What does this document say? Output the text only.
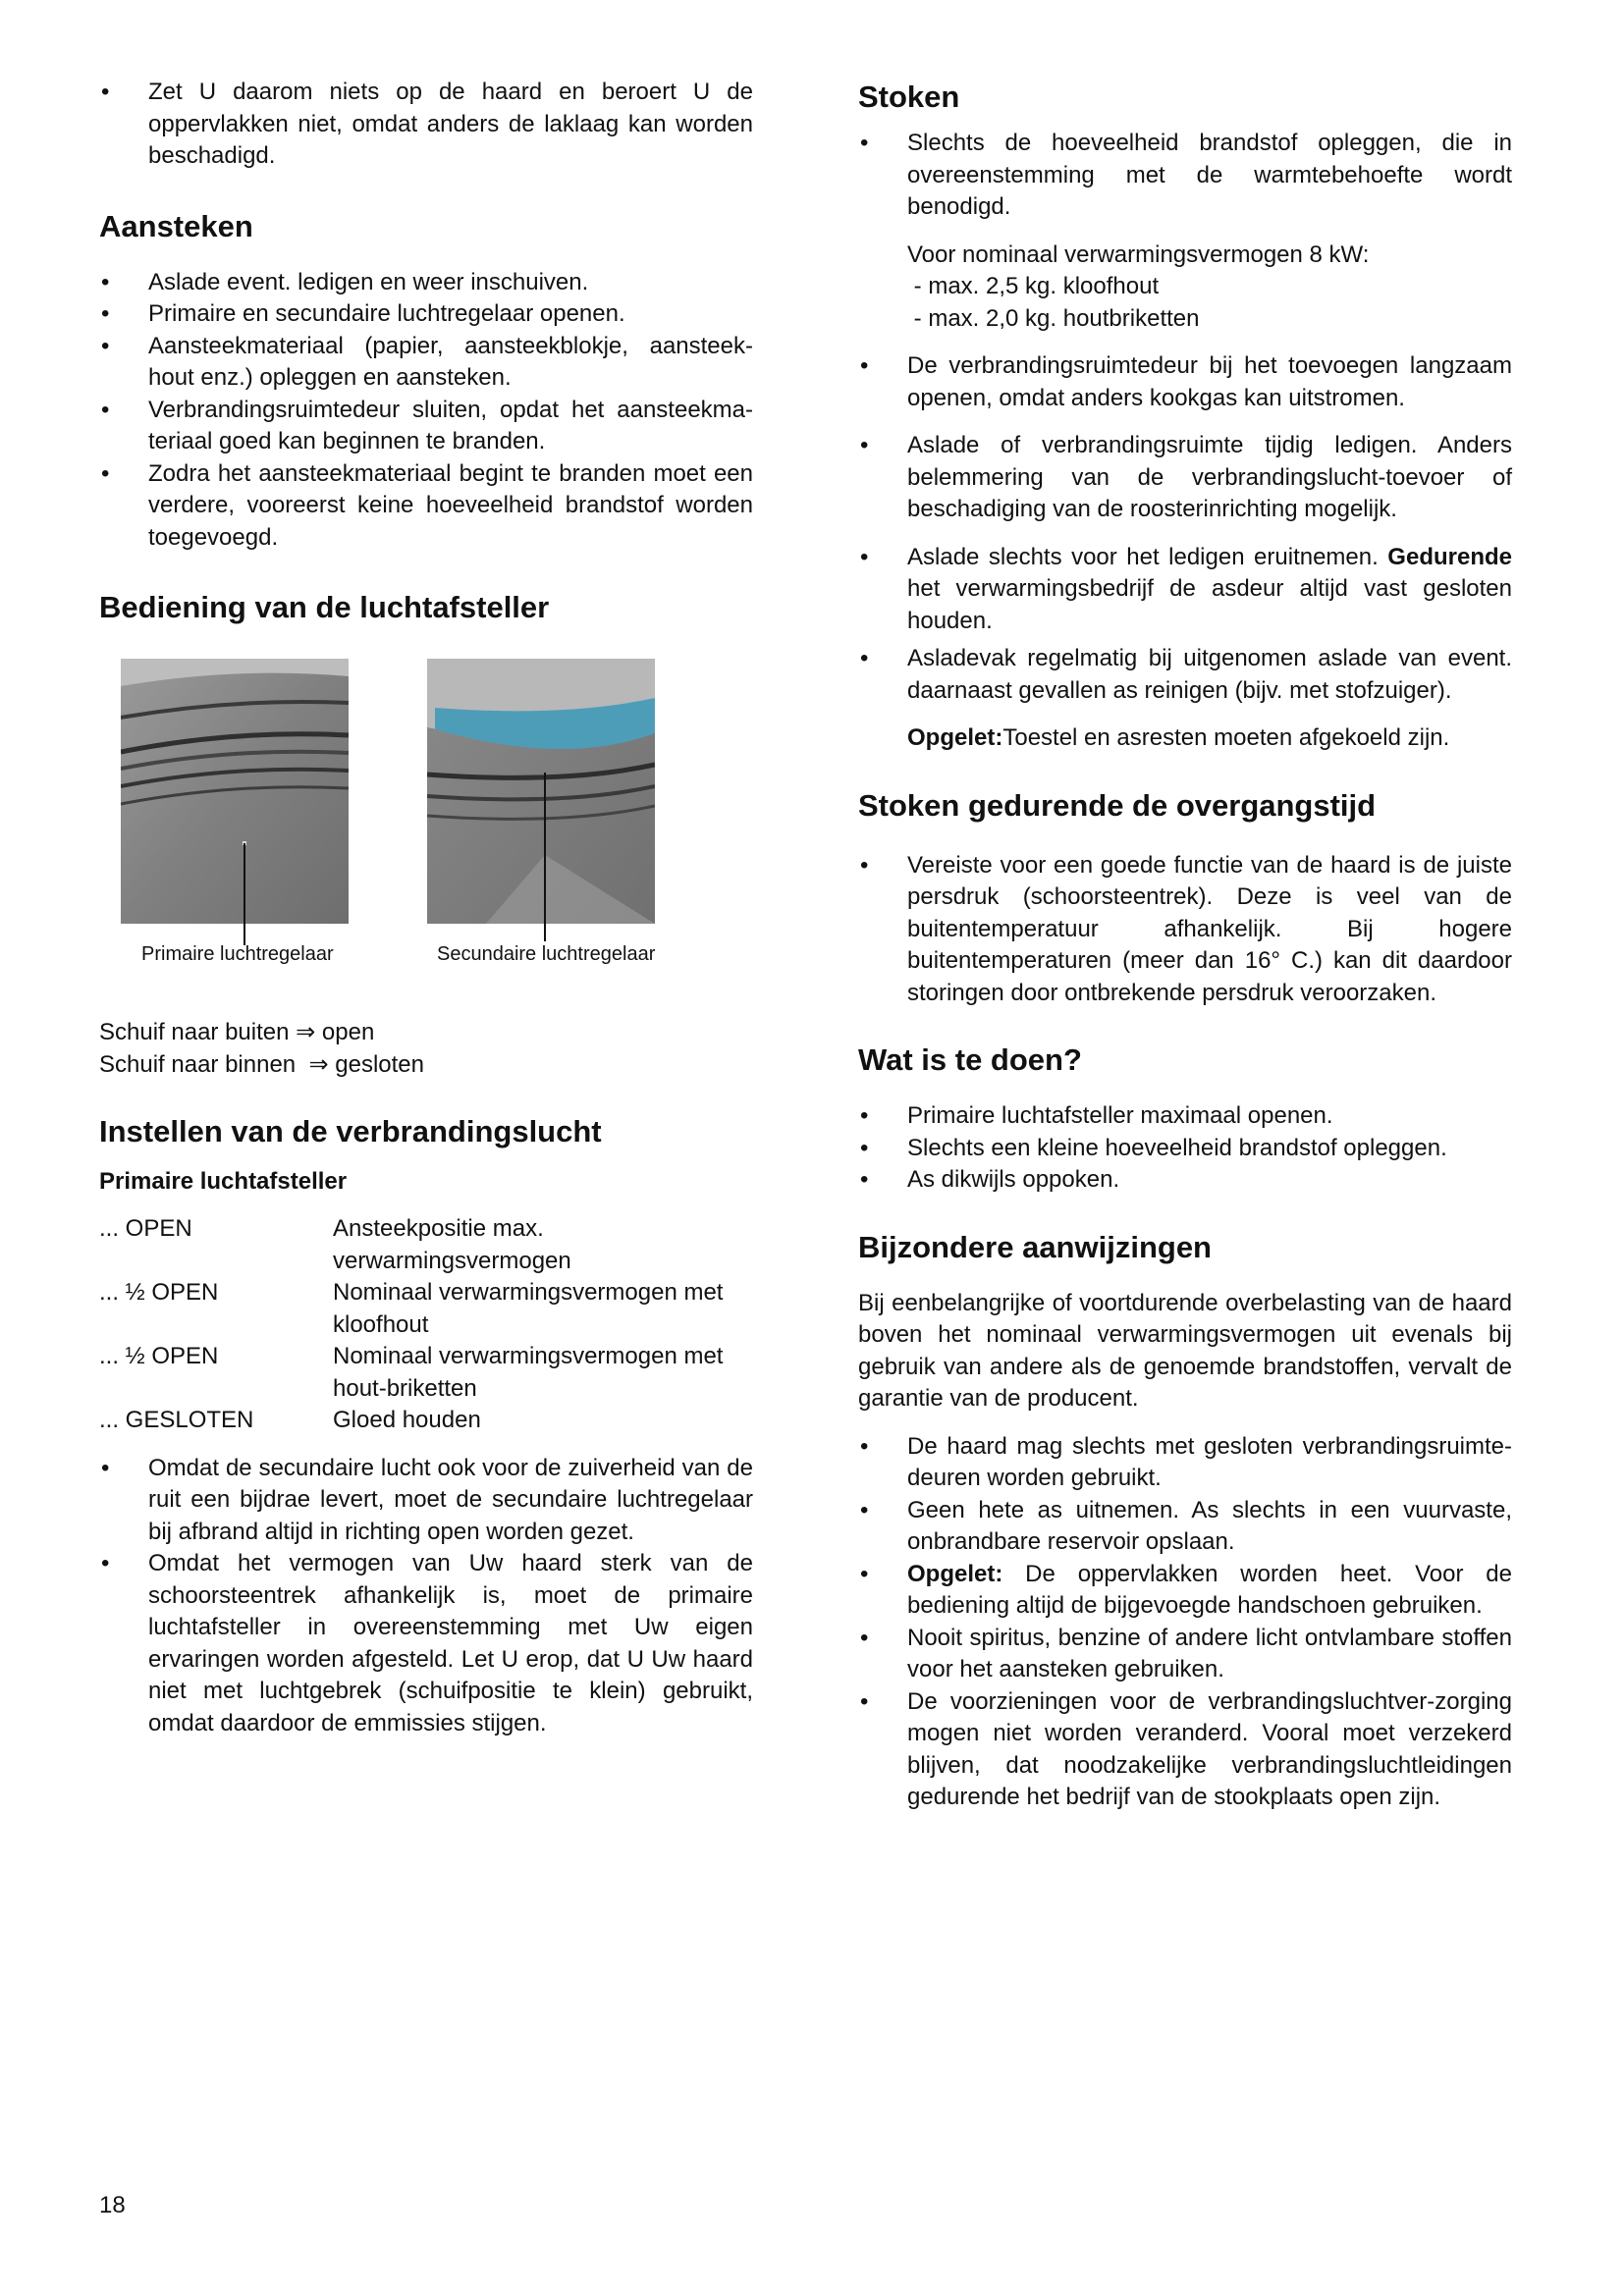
• Zet U daarom niets op de haard en beroert U de oppervlakken niet, omdat anders de laklaag kan worden beschadigd.
Aansteken
• Aslade event. ledigen en weer inschuiven.
• Primaire en secundaire luchtregelaar openen.
• Aansteekmateriaal (papier, aansteekblokje, aansteek-hout enz.) opleggen en aansteken.
• Verbrandingsruimtedeur sluiten, opdat het aansteekma-teriaal goed kan beginnen te branden.
• Zodra het aansteekmateriaal begint te branden moet een verdere, vooreerst keine hoeveelheid brandstof worden toegevoegd.
Bediening van de luchtafsteller
Primaire luchtregelaar	Secundaire luchtregelaar

Schuif naar buiten ⇒ open

Schuif naar binnen  ⇒ gesloten

Instellen van de verbrandingslucht
Primaire luchtafsteller
... OPEN	Ansteekpositie max. verwarmingsvermogen
... ½ OPEN	Nominaal verwarmingsvermogen met kloofhout
... ½ OPEN	Nominaal verwarmingsvermogen met hout-briketten
... GESLOTEN	Gloed houden
• Omdat de secundaire lucht ook voor de zuiverheid van de ruit een bijdrae levert, moet de secundaire luchtregelaar bij afbrand altijd in richting open worden gezet.
• Omdat het vermogen van Uw haard sterk van de schoorsteentrek afhankelijk is, moet de primaire luchtafsteller in overeenstemming met Uw eigen ervaringen worden afgesteld. Let U erop, dat U Uw haard niet met luchtgebrek (schuifpositie te klein) gebruikt, omdat daardoor de emmissies stijgen.
Stoken
• Slechts de hoeveelheid brandstof opleggen, die in overeenstemming met de warmtebehoefte wordt benodigd.
Voor nominaal verwarmingsvermogen 8 kW:
- max. 2,5 kg. kloofhout
- max. 2,0 kg. houtbriketten
• De verbrandingsruimtedeur bij het toevoegen langzaam openen, omdat anders kookgas kan uitstromen.
• Aslade of verbrandingsruimte tijdig ledigen. Anders belemmering van de verbrandingslucht-toevoer of beschadiging van de roosterinrichting mogelijk.
• Aslade slechts voor het ledigen eruitnemen. Gedurende het verwarmingsbedrijf de asdeur altijd vast gesloten houden.
• Asladevak regelmatig bij uitgenomen aslade van event. daarnaast gevallen as reinigen (bijv. met stofzuiger).

Opgelet:Toestel en asresten moeten afgekoeld zijn.

Stoken gedurende de overgangstijd
• Vereiste voor een goede functie van de haard is de juiste persdruk (schoorsteentrek). Deze is veel van de buitentemperatuur afhankelijk. Bij hogere buitentemperaturen (meer dan 16° C.) kan dit daardoor storingen door ontbrekende persdruk veroorzaken.
Wat is te doen?
• Primaire luchtafsteller maximaal openen.
• Slechts een kleine hoeveelheid brandstof opleggen.
• As dikwijls oppoken.
Bijzondere aanwijzingen

Bij eenbelangrijke of voortdurende overbelasting van de haard boven het nominaal verwarmingsvermogen uit evenals bij gebruik van andere als de genoemde brandstoffen, vervalt de garantie van de producent.

• De haard mag slechts met gesloten verbrandingsruimte-deuren worden gebruikt.
• Geen hete as uitnemen. As slechts in een vuurvaste, onbrandbare reservoir opslaan.
• Opgelet: De oppervlakken worden heet. Voor de bediening altijd de bijgevoegde handschoen gebruiken.
• Nooit spiritus, benzine of andere licht ontvlambare stoffen voor het aansteken gebruiken.
• De voorzieningen voor de verbrandingsluchtver-zorging mogen niet worden veranderd. Vooral moet verzekerd blijven, dat noodzakelijke verbrandingsluchtleidingen gedurende het bedrijf van de stookplaats open zijn.
18
